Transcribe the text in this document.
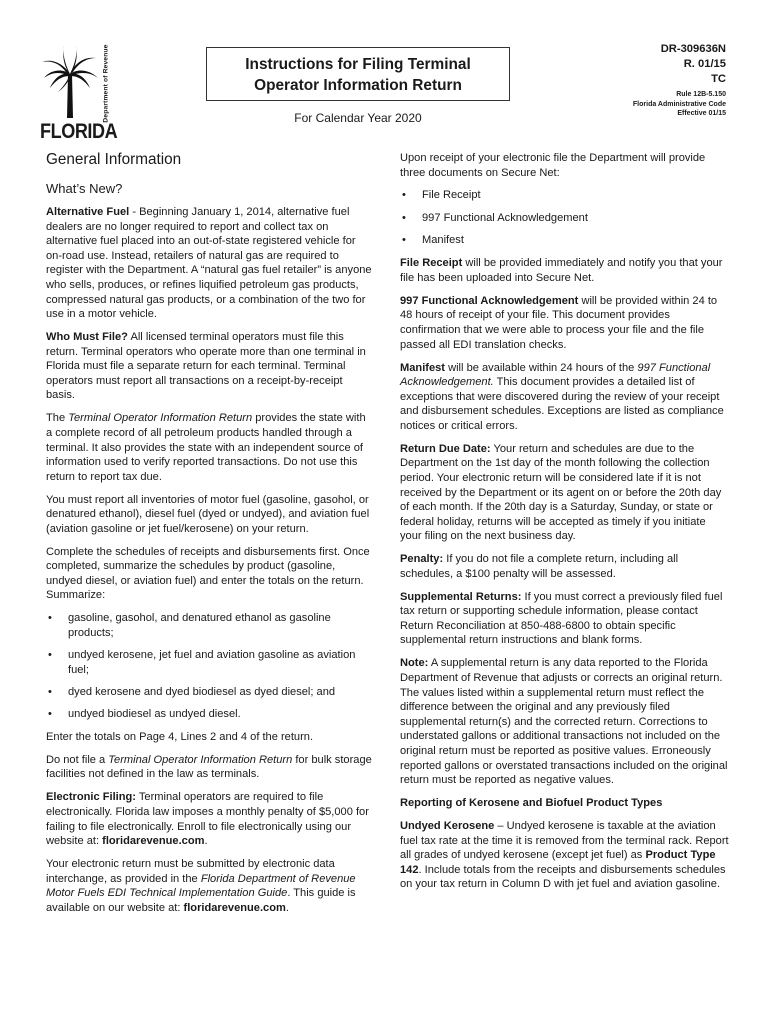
Department of Revenue
FLORIDA
Instructions for Filing Terminal
Operator Information Return
For Calendar Year 2020
DR-309636N
R. 01/15
TC
Rule 12B-5.150
Florida Administrative Code
Effective 01/15
General Information
What’s New?

Alternative Fuel - Beginning January 1, 2014, alternative fuel dealers are no longer required to report and collect tax on alternative fuel placed into an out-of-state registered vehicle for on-road use. Instead, retailers of natural gas are required to register with the Department. A “natural gas fuel retailer” is anyone who sells, produces, or refines liquified petroleum gas products, compressed natural gas products, or a combination of the two for use in a motor vehicle.

Who Must File? All licensed terminal operators must file this return. Terminal operators who operate more than one terminal in Florida must file a separate return for each terminal. Terminal operators must report all transactions on a receipt-by-receipt basis.

The Terminal Operator Information Return provides the state with a complete record of all petroleum products handled through a terminal. It also provides the state with an independent source of information used to verify reported transactions. Do not use this return to report tax due.

You must report all inventories of motor fuel (gasoline, gasohol, or denatured ethanol), diesel fuel (dyed or undyed), and aviation fuel (aviation gasoline or jet fuel/kerosene) on your return.

Complete the schedules of receipts and disbursements first. Once completed, summarize the schedules by product (gasoline, undyed diesel, or aviation fuel) and enter the totals on the return. Summarize:

• gasoline, gasohol, and denatured ethanol as gasoline products;
• undyed kerosene, jet fuel and aviation gasoline as aviation fuel;
• dyed kerosene and dyed biodiesel as dyed diesel; and
• undyed biodiesel as undyed diesel.

Enter the totals on Page 4, Lines 2 and 4 of the return.

Do not file a Terminal Operator Information Return for bulk storage facilities not defined in the law as terminals.

Electronic Filing: Terminal operators are required to file electronically. Florida law imposes a monthly penalty of $5,000 for failing to file electronically. Enroll to file electronically using our website at: floridarevenue.com.

Your electronic return must be submitted by electronic data interchange, as provided in the Florida Department of Revenue Motor Fuels EDI Technical Implementation Guide. This guide is available on our website at: floridarevenue.com.

Upon receipt of your electronic file the Department will provide three documents on Secure Net:

• File Receipt
• 997 Functional Acknowledgement
• Manifest

File Receipt will be provided immediately and notify you that your file has been uploaded into Secure Net.

997 Functional Acknowledgement will be provided within 24 to 48 hours of receipt of your file. This document provides confirmation that we were able to process your file and the file passed all EDI translation checks.

Manifest will be available within 24 hours of the 997 Functional Acknowledgement. This document provides a detailed list of exceptions that were discovered during the review of your receipt and disbursement schedules. Exceptions are listed as compliance notices or critical errors.

Return Due Date: Your return and schedules are due to the Department on the 1st day of the month following the collection period. Your electronic return will be considered late if it is not received by the Department or its agent on or before the 20th day of each month. If the 20th day is a Saturday, Sunday, or state or federal holiday, returns will be accepted as timely if you initiate your filing on the next business day.

Penalty: If you do not file a complete return, including all schedules, a $100 penalty will be assessed.

Supplemental Returns: If you must correct a previously filed fuel tax return or supporting schedule information, please contact Return Reconciliation at 850-488-6800 to obtain specific supplemental return instructions and blank forms.

Note: A supplemental return is any data reported to the Florida Department of Revenue that adjusts or corrects an original return. The values listed within a supplemental return must reflect the difference between the original and any previously filed supplemental return(s) and the corrected return. Corrections to understated gallons or additional transactions not included on the original return must be reported as positive values. Erroneously reported gallons or overstated transactions included on the original return must be reported as negative values.

Reporting of Kerosene and Biofuel Product Types

Undyed Kerosene – Undyed kerosene is taxable at the aviation fuel tax rate at the time it is removed from the terminal rack. Report all grades of undyed kerosene (except jet fuel) as Product Type 142. Include totals from the receipts and disbursements schedules on your tax return in Column D with jet fuel and aviation gasoline.
